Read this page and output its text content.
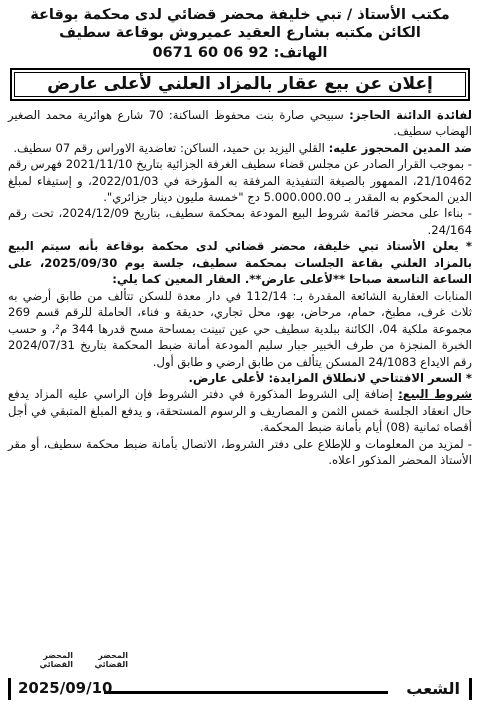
مكتب الأستاذ / تبي خليفة محضر قضائي لدى محكمة بوقاعة
الكائن مكتبه بشارع العقيد عميروش بوقاعة سطيف
الهاتف: 0671 60 06 92
إعلان عن بيع عقار بالمزاد العلني لأعلى عارض

لفائدة الدائنة الحاجز: سبيحي صارة بنت محفوظ الساكنة: 70 شارع هوائرية محمد الصغير الهضاب سطيف.

ضد المدين المحجوز عليه: القلي اليزيد بن حميد، الساكن: تعاضدية الاوراس رقم 07 سطيف.

- بموجب القرار الصادر عن مجلس قضاء سطيف الغرفة الجزائية بتاريخ 2021/11/10 فهرس رقم 21/10462، الممهور بالصيغة التنفيذية المرفقة به المؤرخة في 2022/01/03، و إستيفاء لمبلغ الدين المحكوم به المقدر بـ 5.000.000.00 دج "خمسة مليون دينار جزائري".

- بناءا على محضر قائمة شروط البيع المودعة بمحكمة سطيف، بتاريخ 2024/12/09، تحت رقم 24/164.

* يعلن الأستاذ تبي خليفة، محضر قضائي لدى محكمة بوقاعة بأنه سيتم البيع بالمزاد العلني بقاعة الجلسات بمحكمة سطيف، جلسة يوم 2025/09/30، على الساعة التاسعة صباحا **لأعلى عارض**. العقار المعين كما يلي:

المنابات العقارية الشائعة المقدرة بـ: 112/14 في دار معدة للسكن تتألف من طابق أرضي به ثلاث غرف، مطبخ، حمام، مرحاض، بهو، محل تجاري، حديقة و فناء، الحاملة للرقم قسم 269 مجموعة ملكية 04، الكائنة ببلدية سطيف حي عين تبينت بمساحة مسح قدرها 344 م²، و حسب الخبرة المنجزة من طرف الخبير جبار سليم المودعة أمانة ضبط المحكمة بتاريخ 2024/07/31 رقم الايداع 24/1083 المسكن يتألف من طابق ارضي و طابق أول.

* السعر الافتتاحي لانطلاق المزايدة: لأعلى عارض.

شروط البيع: إضافة إلى الشروط المذكورة في دفتر الشروط فإن الراسي عليه المزاد يدفع حال انعقاد الجلسة خمس الثمن و المصاريف و الرسوم المستحقة، و يدفع المبلغ المتبقي في أجل أقصاه ثمانية (08) أيام بأمانة ضبط المحكمة.

- لمزيد من المعلومات و للإطلاع على دفتر الشروط، الاتصال بأمانة ضبط محكمة سطيف، أو مقر الأستاذ المحضر المذكور اعلاه.

المحضر القضائي
المحضر القضائي
الشعب
2025/09/10
